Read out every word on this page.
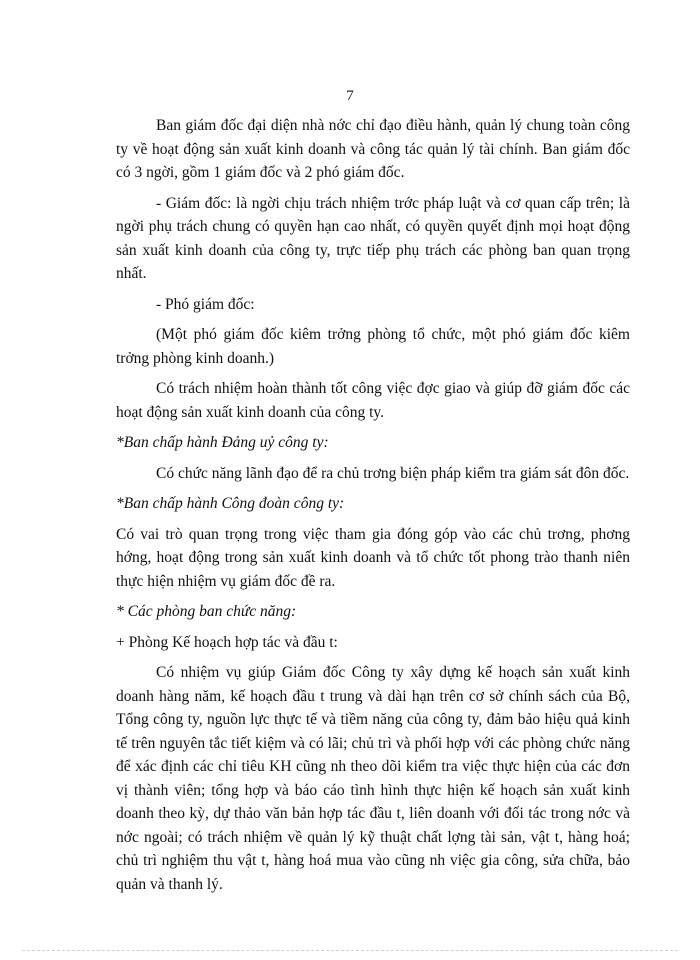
7

Ban giám đốc đại diện nhà nớc chỉ đạo điều hành, quản lý chung toàn công ty về hoạt động sản xuất kinh doanh và công tác quản lý tài chính. Ban giám đốc có 3 ngời, gồm 1 giám đốc và 2 phó giám đốc.

- Giám đốc: là ngời chịu trách nhiệm trớc pháp luật và cơ quan cấp trên; là ngời phụ trách chung có quyền hạn cao nhất, có quyền quyết định mọi hoạt động sản xuất kinh doanh của công ty, trực tiếp phụ trách các phòng ban quan trọng nhất.

- Phó giám đốc:

(Một phó giám đốc kiêm trởng phòng tổ chức, một phó giám đốc kiêm trởng phòng kinh doanh.)

Có trách nhiệm hoàn thành tốt công việc đợc giao và giúp đỡ giám đốc các hoạt động sản xuất kinh doanh của công ty.

*Ban chấp hành Đảng uỷ công ty:

Có chức năng lãnh đạo để ra chủ trơng biện pháp kiểm tra giám sát đôn đốc.

*Ban chấp hành Công đoàn công ty:

Có vai trò quan trọng trong việc tham gia đóng góp vào các chủ trơng, phơng hớng, hoạt động trong sản xuất kinh doanh và tổ chức tốt phong trào thanh niên thực hiện nhiệm vụ giám đốc đề ra.

* Các phòng ban chức năng:

+ Phòng Kế hoạch hợp tác và đầu t:

Có nhiệm vụ giúp Giám đốc Công ty xây dựng kế hoạch sản xuất kinh doanh hàng năm, kế hoạch đầu t trung và dài hạn trên cơ sở chính sách của Bộ, Tổng công ty, nguồn lực thực tế và tiềm năng của công ty, đảm bảo hiệu quả kinh tế trên nguyên tắc tiết kiệm và có lãi; chủ trì và phối hợp với các phòng chức năng để xác định các chỉ tiêu KH cũng nh theo dõi kiểm tra việc thực hiện của các đơn vị thành viên; tổng hợp và báo cáo tình hình thực hiện kế hoạch sản xuất kinh doanh theo kỳ, dự thảo văn bản hợp tác đầu t, liên doanh với đối tác trong nớc và nớc ngoài; có trách nhiệm về quản lý kỹ thuật chất lợng tài sản, vật t, hàng hoá; chủ trì nghiệm thu vật t, hàng hoá mua vào cũng nh việc gia công, sửa chữa, bảo quản và thanh lý.
